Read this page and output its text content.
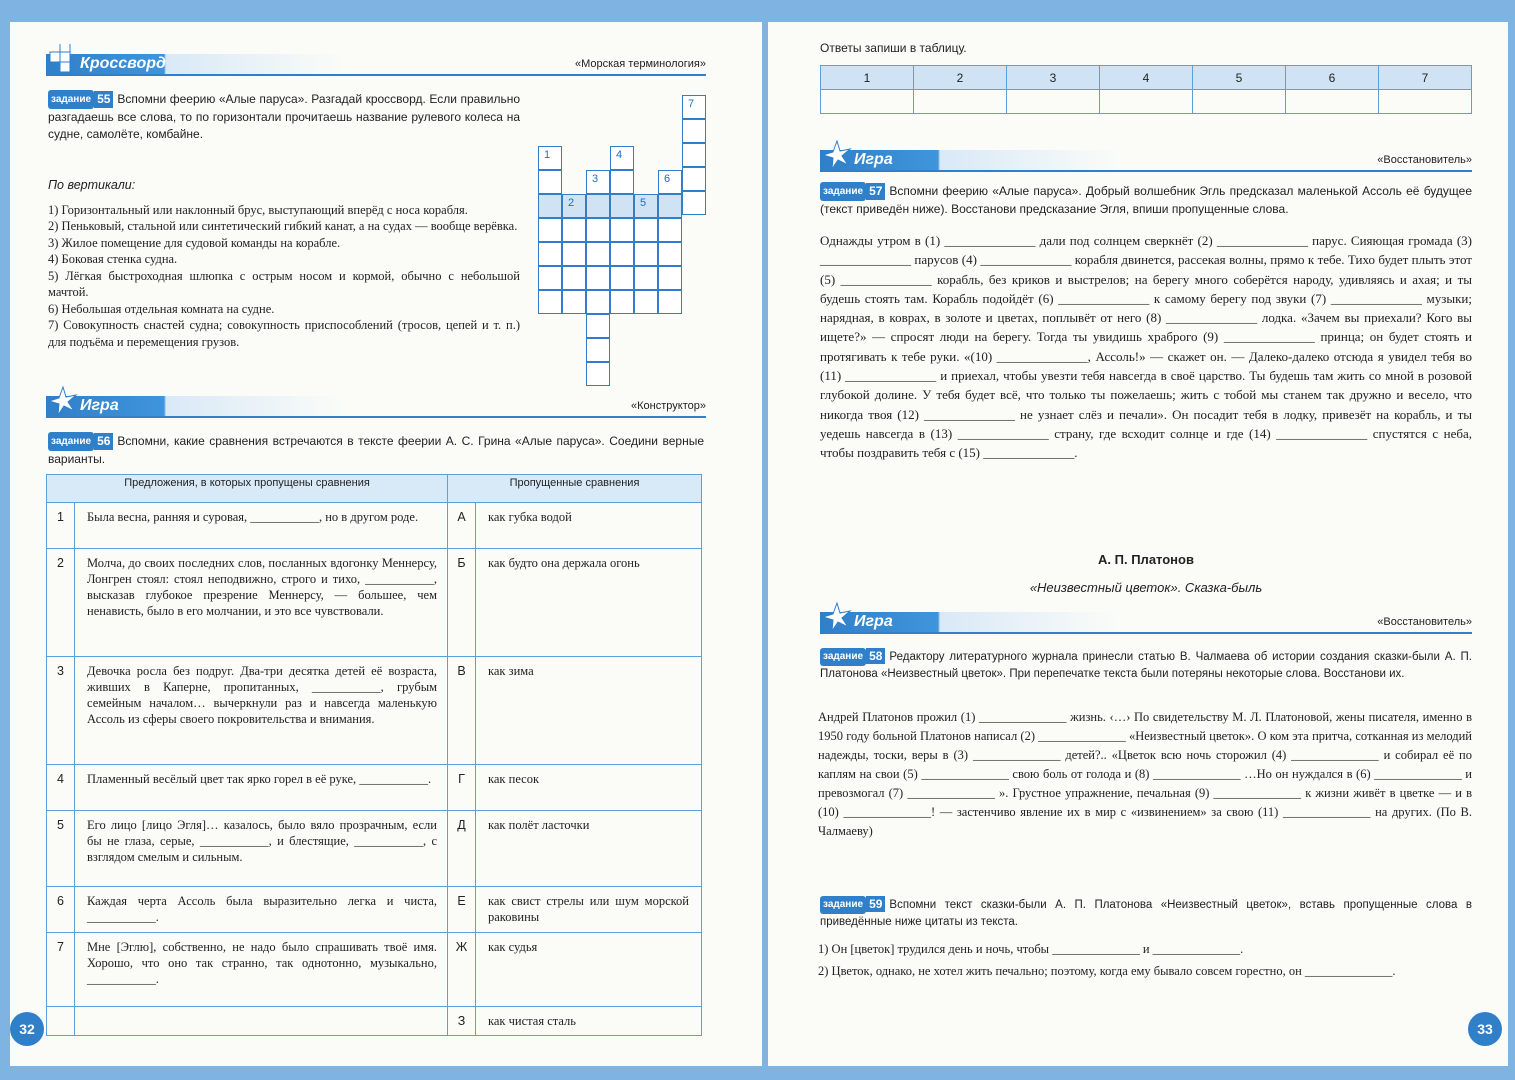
Кроссворд	«Морская терминология»
задание 55 Вспомни феерию «Алые паруса». Разгадай кроссворд. Если правильно разгадаешь все слова, то по горизонтали прочитаешь название рулевого колеса на судне, самолёте, комбайне.
По вертикали:
1) Горизонтальный или наклонный брус, выступающий вперёд с носа корабля.
2) Пеньковый, стальной или синтетический гибкий канат, а на судах — вообще верёвка.
3) Жилое помещение для судовой команды на корабле.
4) Боковая стенка судна.
5) Лёгкая быстроходная шлюпка с острым носом и кормой, обычно с небольшой мачтой.
6) Небольшая отдельная комната на судне.
7) Совокупность снастей судна; совокупность приспособлений (тросов, цепей и т. п.) для подъёма и перемещения грузов.
7
1	4
3	6
2	5
Игра	«Конструктор»
задание 56 Вспомни, какие сравнения встречаются в тексте феерии А. С. Грина «Алые паруса». Соедини верные варианты.
Предложения, в которых пропущены сравнения		Пропущенные сравнения	
1	Была весна, ранняя и суровая, ___________, но в другом роде.	А	как губка водой
2	Молча, до своих последних слов, посланных вдогонку Меннерсу, Лонгрен стоял: стоял неподвижно, строго и тихо, ___________, высказав глубокое презрение Меннерсу, — большее, чем ненависть, было в его молчании, и это все чувствовали.	Б	как будто она держала огонь
3	Девочка росла без подруг. Два-три десятка детей её возраста, живших в Каперне, пропитанных, ___________, грубым семейным началом… вычеркнули раз и навсегда маленькую Ассоль из сферы своего покровительства и внимания.	В	как зима
4	Пламенный весёлый цвет так ярко горел в её руке, ___________.	Г	как песок
5	Его лицо [лицо Эгля]… казалось, было вяло прозрачным, если бы не глаза, серые, ___________, и блестящие, ___________, с взглядом смелым и сильным.	Д	как полёт ласточки
6	Каждая черта Ассоль была выразительно легка и чиста, ___________.	Е	как свист стрелы или шум морской раковины
7	Мне [Эглю], собственно, не надо было спрашивать твоё имя. Хорошо, что оно так странно, так однотонно, музыкально, ___________.	Ж	как судья
		З	как чистая сталь
32
Ответы запиши в таблицу.
1	2	3	4	5	6	7

Игра	«Восстановитель»
задание 57 Вспомни феерию «Алые паруса». Добрый волшебник Эгль предсказал маленькой Ассоль её будущее (текст приведён ниже). Восстанови предсказание Эгля, впиши пропущенные слова.
Однажды утром в (1) ______________ дали под солнцем сверкнёт (2) ______________ парус. Сияющая громада (3) ______________ парусов (4) ______________ корабля двинется, рассекая волны, прямо к тебе. Тихо будет плыть этот (5) ______________ корабль, без криков и выстрелов; на берегу много соберётся народу, удивляясь и ахая; и ты будешь стоять там. Корабль подойдёт (6) ______________ к самому берегу под звуки (7) ______________ музыки; нарядная, в коврах, в золоте и цветах, поплывёт от него (8) ______________ лодка. «Зачем вы приехали? Кого вы ищете?» — спросят люди на берегу. Тогда ты увидишь храброго (9) ______________ принца; он будет стоять и протягивать к тебе руки. «(10) ______________, Ассоль!» — скажет он. — Далеко-далеко отсюда я увидел тебя во (11) ______________ и приехал, чтобы увезти тебя навсегда в своё царство. Ты будешь там жить со мной в розовой глубокой долине. У тебя будет всё, что только ты пожелаешь; жить с тобой мы станем так дружно и весело, что никогда твоя (12) ______________ не узнает слёз и печали». Он посадит тебя в лодку, привезёт на корабль, и ты уедешь навсегда в (13) ______________ страну, где всходит солнце и где (14) ______________ спустятся с неба, чтобы поздравить тебя с (15) ______________.
А. П. Платонов
«Неизвестный цветок». Сказка-быль
Игра	«Восстановитель»
задание 58 Редактору литературного журнала принесли статью В. Чалмаева об истории создания сказки-были А. П. Платонова «Неизвестный цветок». При перепечатке текста были потеряны некоторые слова. Восстанови их.
Андрей Платонов прожил (1) ______________ жизнь. ‹…› По свидетельству М. Л. Платоновой, жены писателя, именно в 1950 году больной Платонов написал (2) ______________ «Неизвестный цветок». О ком эта притча, сотканная из мелодий надежды, тоски, веры в (3) ______________ детей?.. «Цветок всю ночь сторожил (4) ______________ и собирал её по каплям на свои (5) ______________ свою боль от голода и (8) ______________ …Но он нуждался в (6) ______________ и превозмогал (7) ______________ ». Грустное упражнение, печальная (9) ______________ к жизни живёт в цветке — и в (10) ______________! — застенчиво явление их в мир с «извинением» за свою (11) ______________ на других. (По В. Чалмаеву)
задание 59 Вспомни текст сказки-были А. П. Платонова «Неизвестный цветок», вставь пропущенные слова в приведённые ниже цитаты из текста.
1) Он [цветок] трудился день и ночь, чтобы ______________ и ______________.
2) Цветок, однако, не хотел жить печально; поэтому, когда ему бывало совсем горестно, он ______________.
33
